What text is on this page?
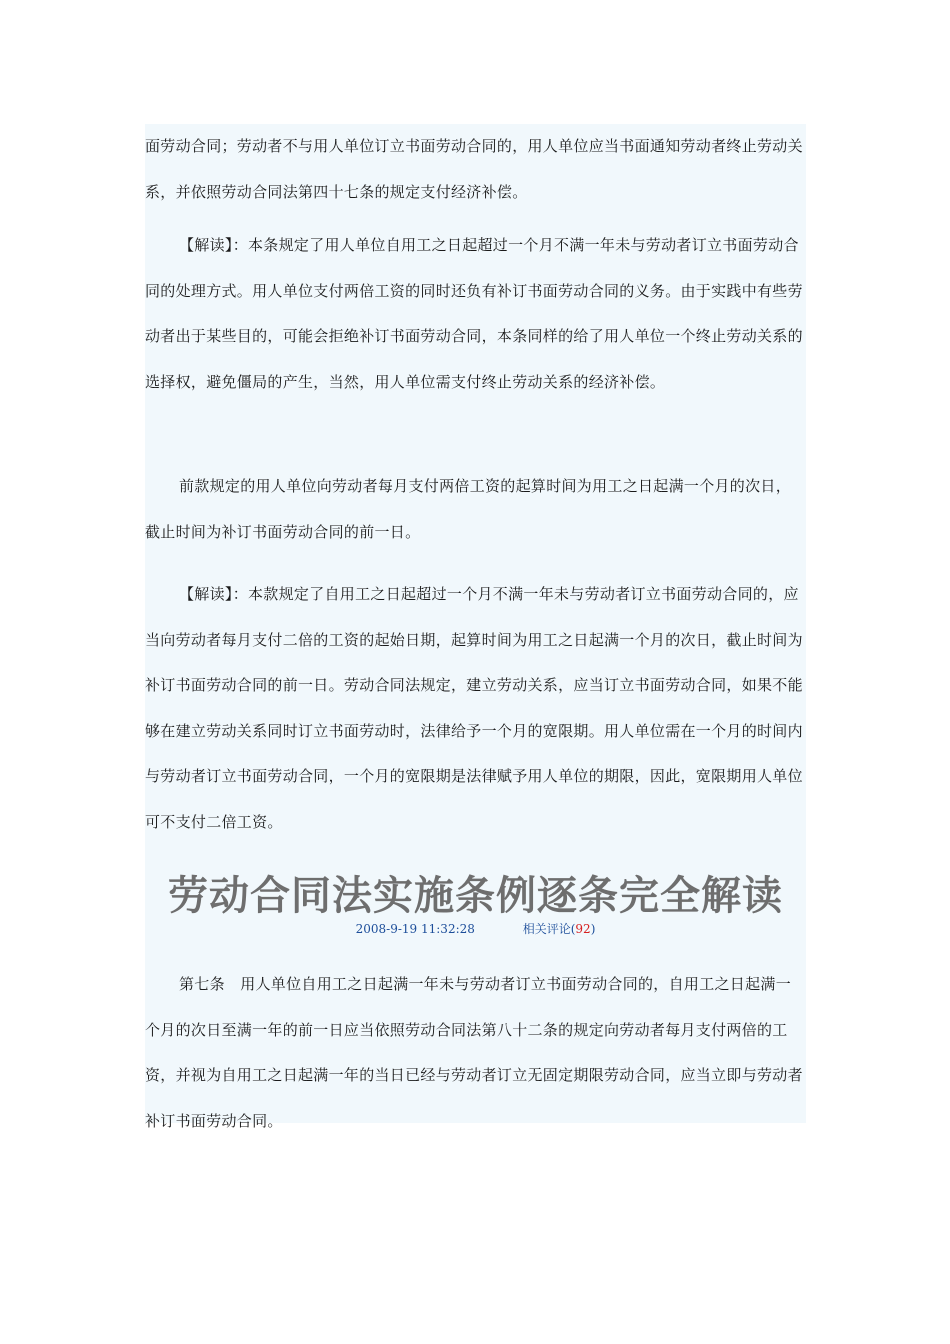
面劳动合同；劳动者不与用人单位订立书面劳动合同的，用人单位应当书面通知劳动者终止劳动关系，并依照劳动合同法第四十七条的规定支付经济补偿。

【解读】：本条规定了用人单位自用工之日起超过一个月不满一年未与劳动者订立书面劳动合同的处理方式。用人单位支付两倍工资的同时还负有补订书面劳动合同的义务。由于实践中有些劳动者出于某些目的，可能会拒绝补订书面劳动合同，本条同样的给了用人单位一个终止劳动关系的选择权，避免僵局的产生，当然，用人单位需支付终止劳动关系的经济补偿。

前款规定的用人单位向劳动者每月支付两倍工资的起算时间为用工之日起满一个月的次日，截止时间为补订书面劳动合同的前一日。

【解读】：本款规定了自用工之日起超过一个月不满一年未与劳动者订立书面劳动合同的，应当向劳动者每月支付二倍的工资的起始日期，起算时间为用工之日起满一个月的次日，截止时间为补订书面劳动合同的前一日。劳动合同法规定，建立劳动关系，应当订立书面劳动合同，如果不能够在建立劳动关系同时订立书面劳动时，法律给予一个月的宽限期。用人单位需在一个月的时间内与劳动者订立书面劳动合同，一个月的宽限期是法律赋予用人单位的期限，因此，宽限期用人单位可不支付二倍工资。

劳动合同法实施条例逐条完全解读
2008-9-19 11:32:28	相关评论(92)

第七条　用人单位自用工之日起满一年未与劳动者订立书面劳动合同的，自用工之日起满一个月的次日至满一年的前一日应当依照劳动合同法第八十二条的规定向劳动者每月支付两倍的工资，并视为自用工之日起满一年的当日已经与劳动者订立无固定期限劳动合同，应当立即与劳动者补订书面劳动合同。
